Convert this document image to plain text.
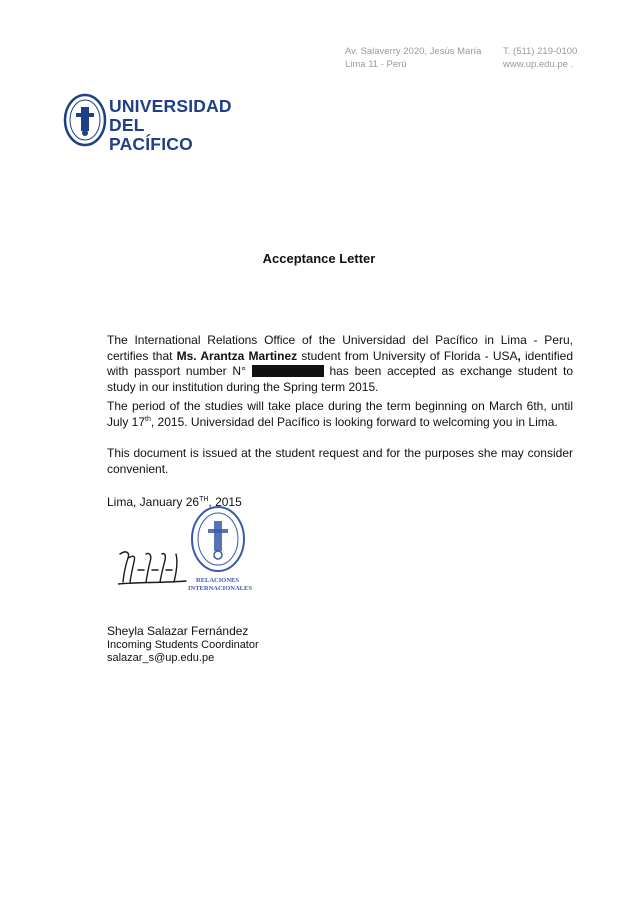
Av. Salaverry 2020, Jesús María
Lima 11 - Perú
T. (511) 219-0100
www.up.edu.pe .
UNIVERSIDAD
DEL PACÍFICO
Acceptance Letter
The International Relations Office of the Universidad del Pacífico in Lima - Peru, certifies that Ms. Arantza Martinez student from University of Florida - USA, identified with passport number N°	has been accepted as exchange student to study in our institution during the Spring term 2015.
The period of the studies will take place during the term beginning on March 6th, until July 17th, 2015. Universidad del Pacífico is looking forward to welcoming you in Lima.
This document is issued at the student request and for the purposes she may consider convenient.
Lima, January 26TH, 2015
RELACIONES
INTERNACIONALES
Sheyla Salazar Fernández
Incoming Students Coordinator
salazar_s@up.edu.pe
